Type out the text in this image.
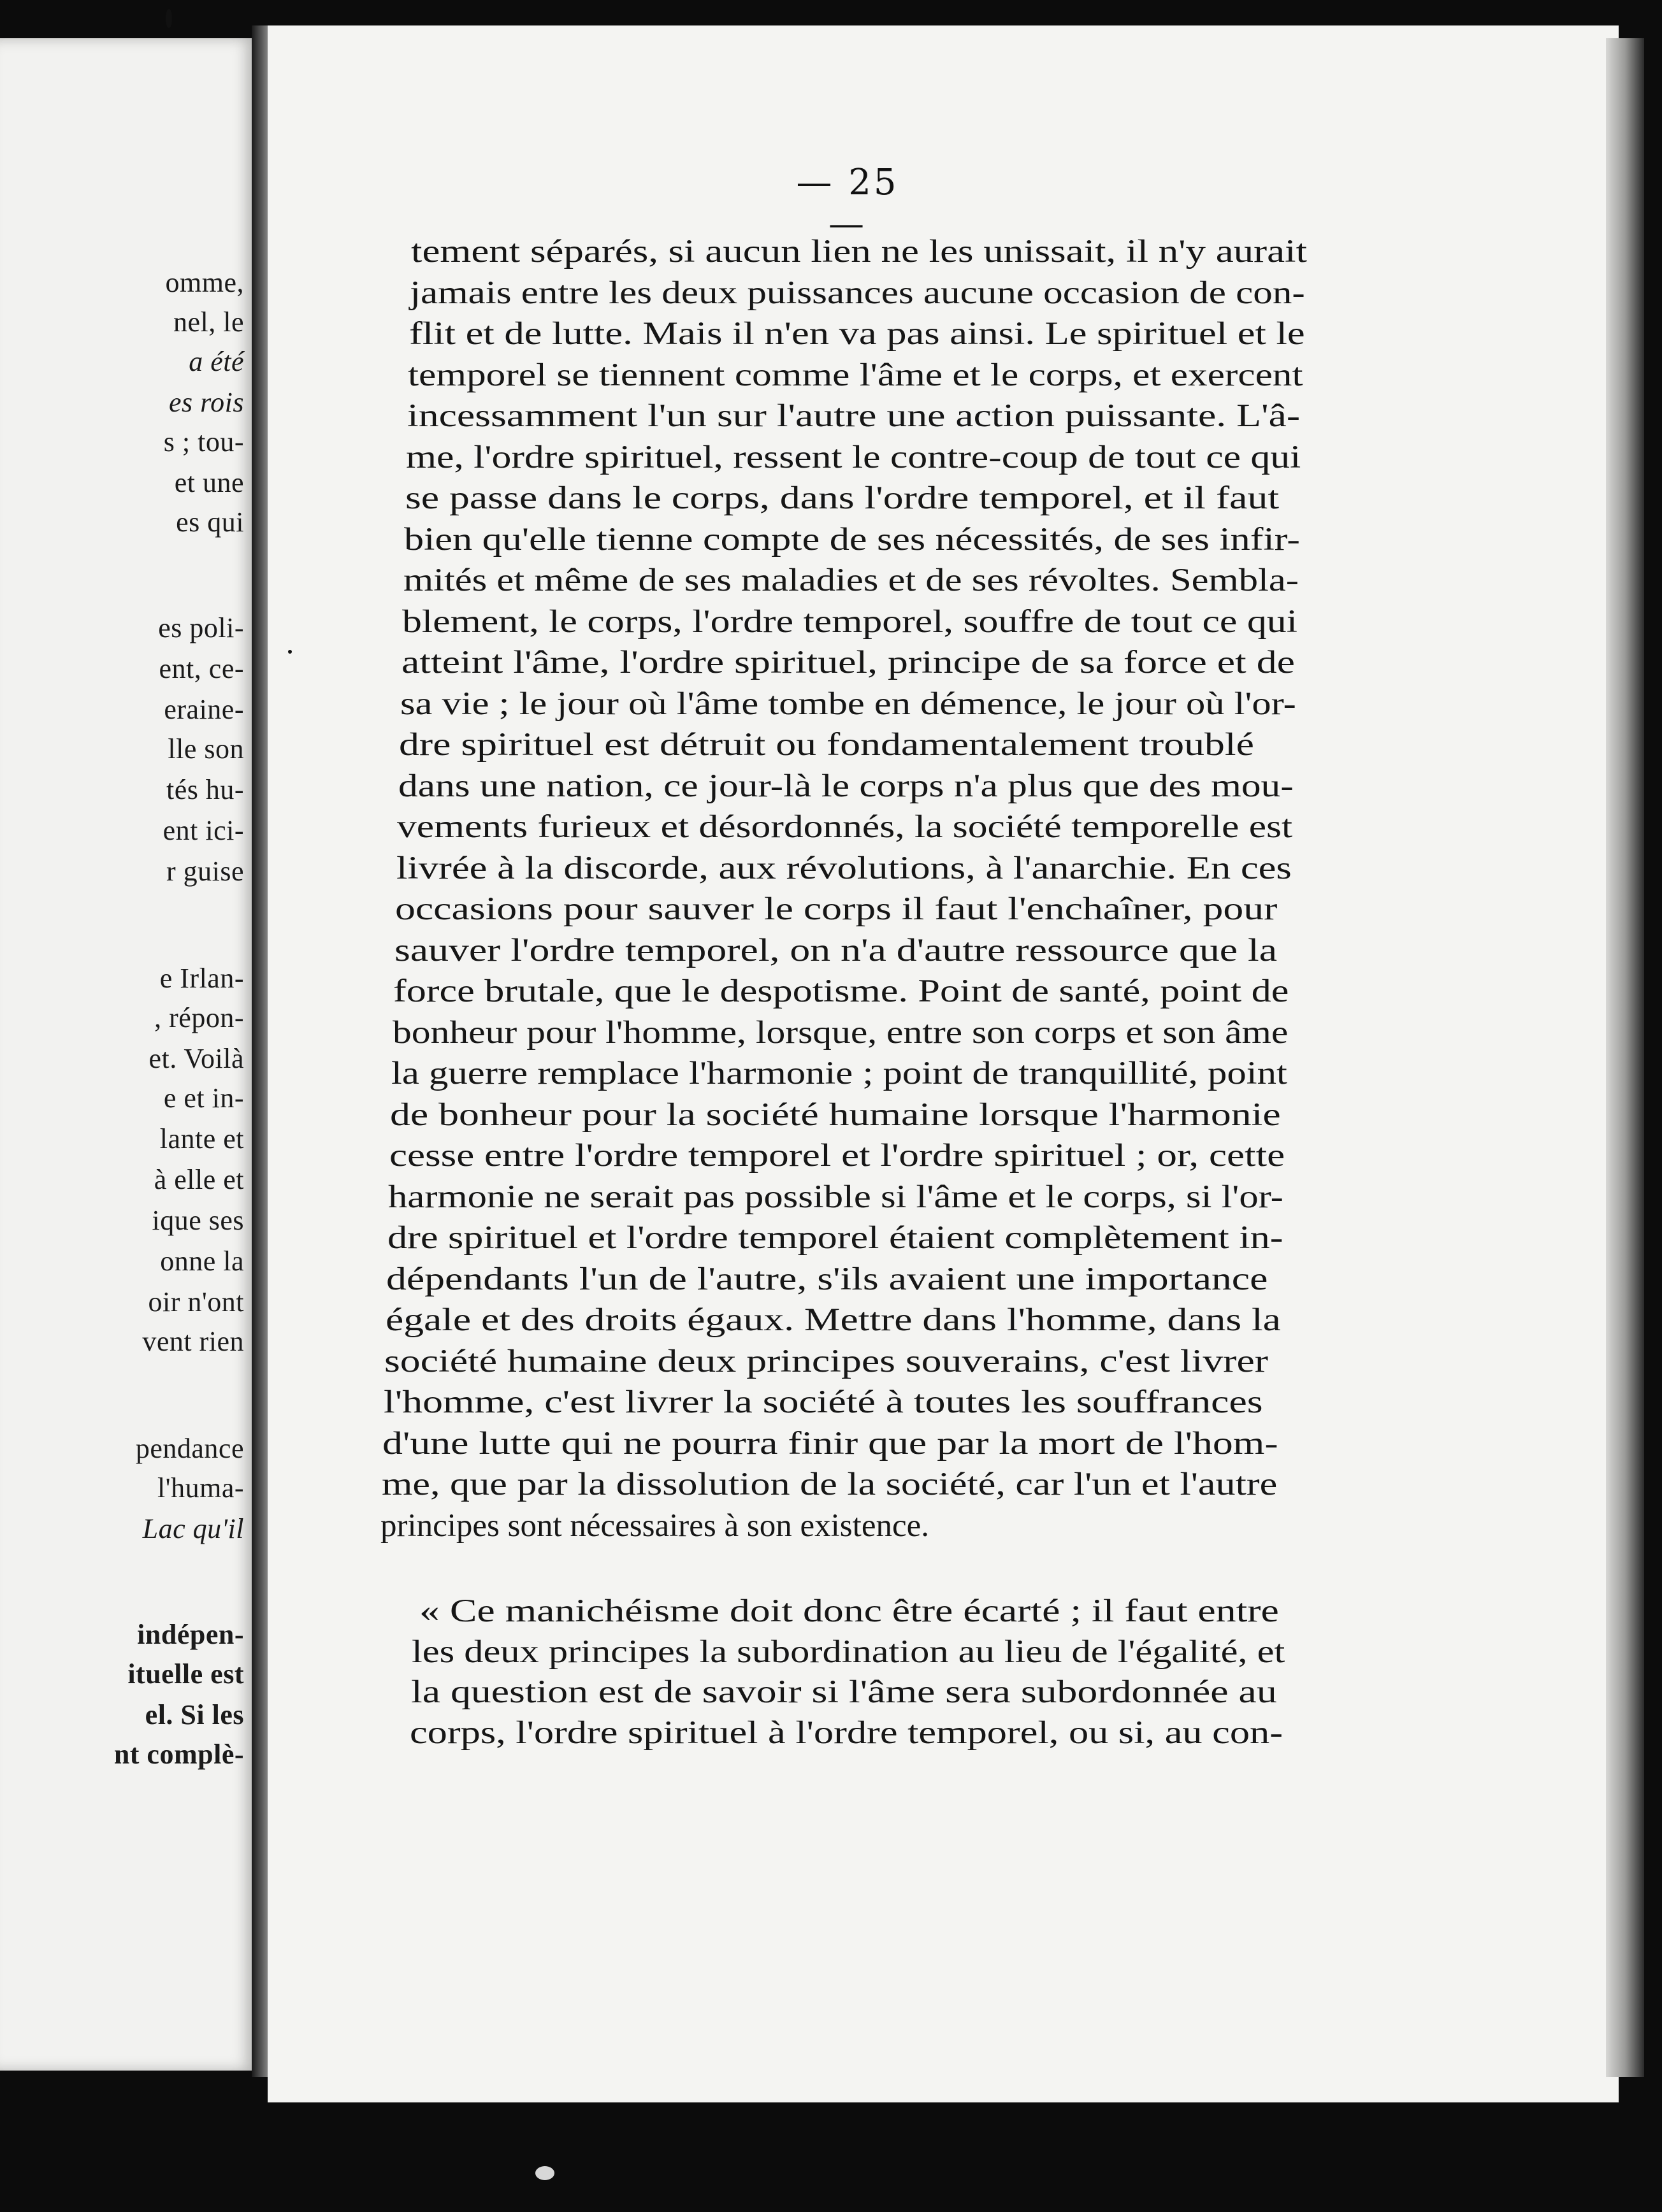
omme,
nel, le
a été
es rois
s ; tou-
et une
es qui
es poli-
ent, ce-
eraine-
lle son
tés hu-
ent ici-
r guise
e Irlan-
, répon-
et. Voilà
e et in-
lante et
à elle et
ique ses
onne la
oir n'ont
vent rien
pendance
l'huma-
Lac qu'il
indépen-
ituelle est
el. Si les
nt complè-
— 25 —
tement séparés, si aucun lien ne les unissait, il n'y aurait
jamais entre les deux puissances aucune occasion de con-
flit et de lutte. Mais il n'en va pas ainsi. Le spirituel et le
temporel se tiennent comme l'âme et le corps, et exercent
incessamment l'un sur l'autre une action puissante. L'â-
me, l'ordre spirituel, ressent le contre-coup de tout ce qui
se passe dans le corps, dans l'ordre temporel, et il faut
bien qu'elle tienne compte de ses nécessités, de ses infir-
mités et même de ses maladies et de ses révoltes. Sembla-
blement, le corps, l'ordre temporel, souffre de tout ce qui
atteint l'âme, l'ordre spirituel, principe de sa force et de
sa vie ; le jour où l'âme tombe en démence, le jour où l'or-
dre spirituel est détruit ou fondamentalement troublé
dans une nation, ce jour-là le corps n'a plus que des mou-
vements furieux et désordonnés, la société temporelle est
livrée à la discorde, aux révolutions, à l'anarchie. En ces
occasions pour sauver le corps il faut l'enchaîner, pour
sauver l'ordre temporel, on n'a d'autre ressource que la
force brutale, que le despotisme. Point de santé, point de
bonheur pour l'homme, lorsque, entre son corps et son âme
la guerre remplace l'harmonie ; point de tranquillité, point
de bonheur pour la société humaine lorsque l'harmonie
cesse entre l'ordre temporel et l'ordre spirituel ; or, cette
harmonie ne serait pas possible si l'âme et le corps, si l'or-
dre spirituel et l'ordre temporel étaient complètement in-
dépendants l'un de l'autre, s'ils avaient une importance
égale et des droits égaux. Mettre dans l'homme, dans la
société humaine deux principes souverains, c'est livrer
l'homme, c'est livrer la société à toutes les souffrances
d'une lutte qui ne pourra finir que par la mort de l'hom-
me, que par la dissolution de la société, car l'un et l'autre
principes sont nécessaires à son existence.
« Ce manichéisme doit donc être écarté ; il faut entre
les deux principes la subordination au lieu de l'égalité, et
la question est de savoir si l'âme sera subordonnée au
corps, l'ordre spirituel à l'ordre temporel, ou si, au con-
